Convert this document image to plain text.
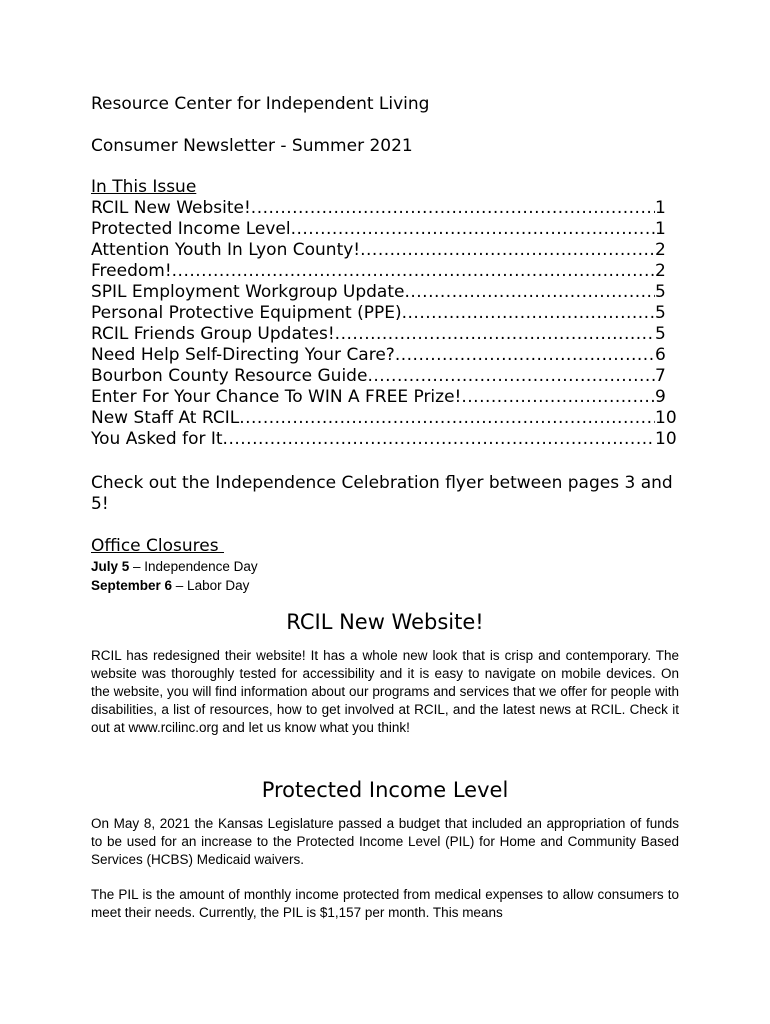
Resource Center for Independent Living
Consumer Newsletter - Summer 2021
In This Issue
RCIL New Website! .....	1
Protected Income Level .....	1
Attention Youth In Lyon County! .....	2
Freedom! .....	2
SPIL Employment Workgroup Update .....	5
Personal Protective Equipment (PPE) .....	5
RCIL Friends Group Updates! .....	5
Need Help Self-Directing Your Care? .....	6
Bourbon County Resource Guide .....	7
Enter For Your Chance To WIN A FREE Prize! .....	9
New Staff At RCIL .....	10
You Asked for It .....	10
Check out the Independence Celebration flyer between pages 3 and 5!
Office Closures
July 5 – Independence Day
September 6 – Labor Day
RCIL New Website!
RCIL has redesigned their website! It has a whole new look that is crisp and contemporary. The website was thoroughly tested for accessibility and it is easy to navigate on mobile devices. On the website, you will find information about our programs and services that we offer for people with disabilities, a list of resources, how to get involved at RCIL, and the latest news at RCIL. Check it out at www.rcilinc.org and let us know what you think!
Protected Income Level
On May 8, 2021 the Kansas Legislature passed a budget that included an appropriation of funds to be used for an increase to the Protected Income Level (PIL) for Home and Community Based Services (HCBS) Medicaid waivers.
The PIL is the amount of monthly income protected from medical expenses to allow consumers to meet their needs. Currently, the PIL is $1,157 per month. This means
